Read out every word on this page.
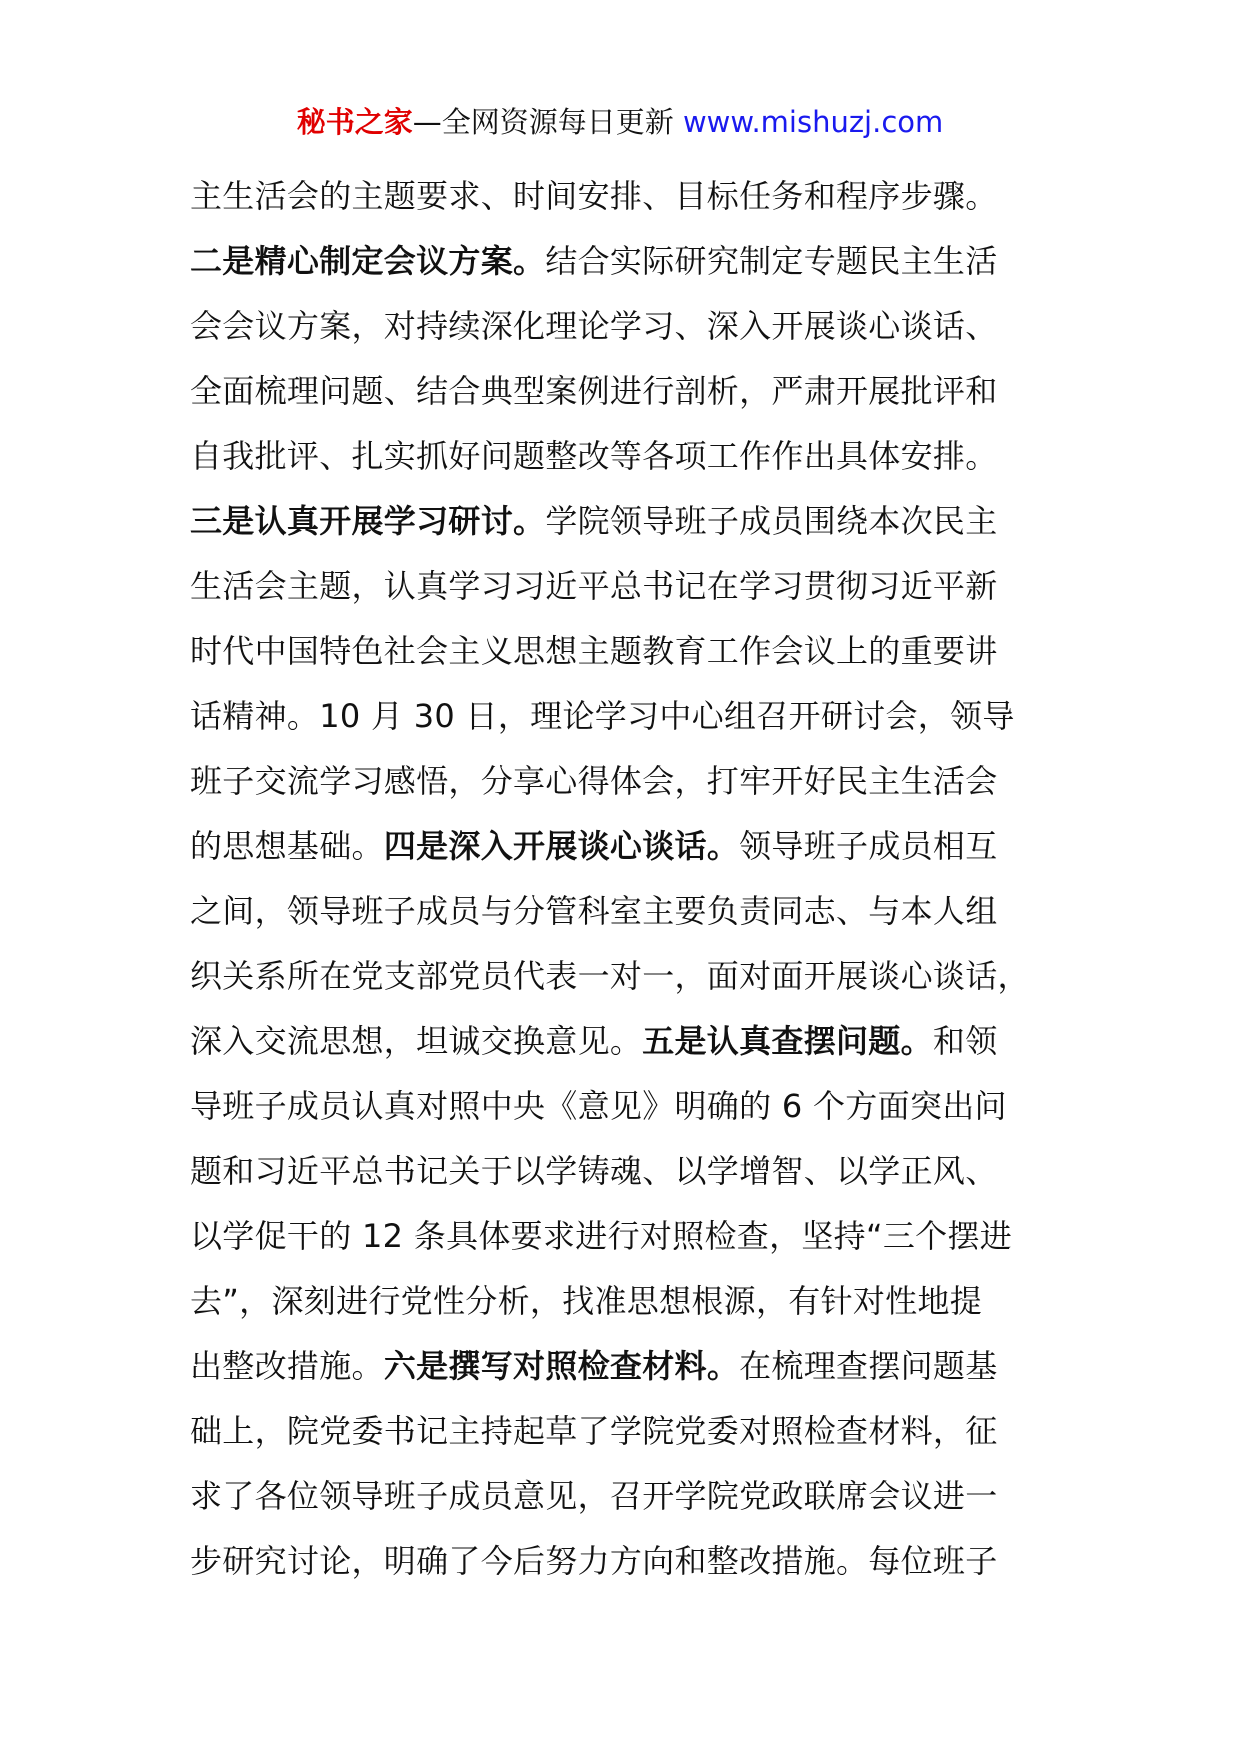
秘书之家—全网资源每日更新 www.mishuzj.com
主生活会的主题要求、时间安排、目标任务和程序步骤。
二是精心制定会议方案。结合实际研究制定专题民主生活
会会议方案，对持续深化理论学习、深入开展谈心谈话、
全面梳理问题、结合典型案例进行剖析，严肃开展批评和
自我批评、扎实抓好问题整改等各项工作作出具体安排。
三是认真开展学习研讨。学院领导班子成员围绕本次民主
生活会主题，认真学习习近平总书记在学习贯彻习近平新
时代中国特色社会主义思想主题教育工作会议上的重要讲
话精神。10 月 30 日，理论学习中心组召开研讨会，领导
班子交流学习感悟，分享心得体会，打牢开好民主生活会
的思想基础。四是深入开展谈心谈话。领导班子成员相互
之间，领导班子成员与分管科室主要负责同志、与本人组
织关系所在党支部党员代表一对一，面对面开展谈心谈话，
深入交流思想，坦诚交换意见。五是认真查摆问题。和领
导班子成员认真对照中央《意见》明确的 6 个方面突出问
题和习近平总书记关于以学铸魂、以学增智、以学正风、
以学促干的 12 条具体要求进行对照检查，坚持“三个摆进
去”，深刻进行党性分析，找准思想根源，有针对性地提
出整改措施。六是撰写对照检查材料。在梳理查摆问题基
础上，院党委书记主持起草了学院党委对照检查材料，征
求了各位领导班子成员意见，召开学院党政联席会议进一
步研究讨论，明确了今后努力方向和整改措施。每位班子
